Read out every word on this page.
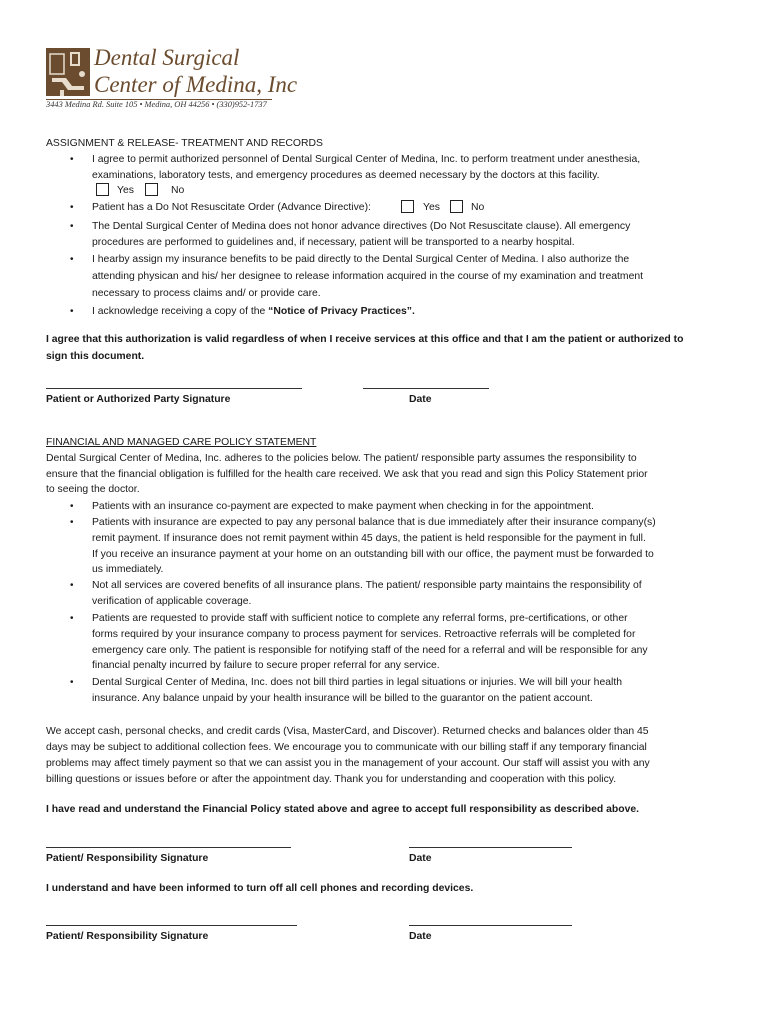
Dental Surgical
Center of Medina, Inc
3443 Medina Rd. Suite 105 • Medina, OH 44256 • (330)952-1737
ASSIGNMENT & RELEASE- TREATMENT AND RECORDS
• I agree to permit authorized personnel of Dental Surgical Center of Medina, Inc. to perform treatment under anesthesia,
examinations, laboratory tests, and emergency procedures as deemed necessary by the doctors at this facility.
Yes	No
• Patient has a Do Not Resuscitate Order (Advance Directive):	Yes	No
• The Dental Surgical Center of Medina does not honor advance directives (Do Not Resuscitate clause). All emergency
procedures are performed to guidelines and, if necessary, patient will be transported to a nearby hospital.
• I hearby assign my insurance benefits to be paid directly to the Dental Surgical Center of Medina. I also authorize the
attending physican and his/ her designee to release information acquired in the course of my examination and treatment
necessary to process claims and/ or provide care.
• I acknowledge receiving a copy of the “Notice of Privacy Practices”.
I agree that this authorization is valid regardless of when I receive services at this office and that I am the patient or authorized to
sign this document.
Patient or Authorized Party Signature	Date
FINANCIAL AND MANAGED CARE POLICY STATEMENT
Dental Surgical Center of Medina, Inc. adheres to the policies below. The patient/ responsible party assumes the responsibility to
ensure that the financial obligation is fulfilled for the health care received. We ask that you read and sign this Policy Statement prior
to seeing the doctor.
• Patients with an insurance co-payment are expected to make payment when checking in for the appointment.
• Patients with insurance are expected to pay any personal balance that is due immediately after their insurance company(s)
remit payment. If insurance does not remit payment within 45 days, the patient is held responsible for the payment in full.
If you receive an insurance payment at your home on an outstanding bill with our office, the payment must be forwarded to
us immediately.
• Not all services are covered benefits of all insurance plans. The patient/ responsible party maintains the responsibility of
verification of applicable coverage.
• Patients are requested to provide staff with sufficient notice to complete any referral forms, pre-certifications, or other
forms required by your insurance company to process payment for services. Retroactive referrals will be completed for
emergency care only. The patient is responsible for notifying staff of the need for a referral and will be responsible for any
financial penalty incurred by failure to secure proper referral for any service.
• Dental Surgical Center of Medina, Inc. does not bill third parties in legal situations or injuries. We will bill your health
insurance. Any balance unpaid by your health insurance will be billed to the guarantor on the patient account.
We accept cash, personal checks, and credit cards (Visa, MasterCard, and Discover). Returned checks and balances older than 45
days may be subject to additional collection fees. We encourage you to communicate with our billing staff if any temporary financial
problems may affect timely payment so that we can assist you in the management of your account. Our staff will assist you with any
billing questions or issues before or after the appointment day. Thank you for understanding and cooperation with this policy.
I have read and understand the Financial Policy stated above and agree to accept full responsibility as described above.
Patient/ Responsibility Signature	Date
I understand and have been informed to turn off all cell phones and recording devices.
Patient/ Responsibility Signature	Date
